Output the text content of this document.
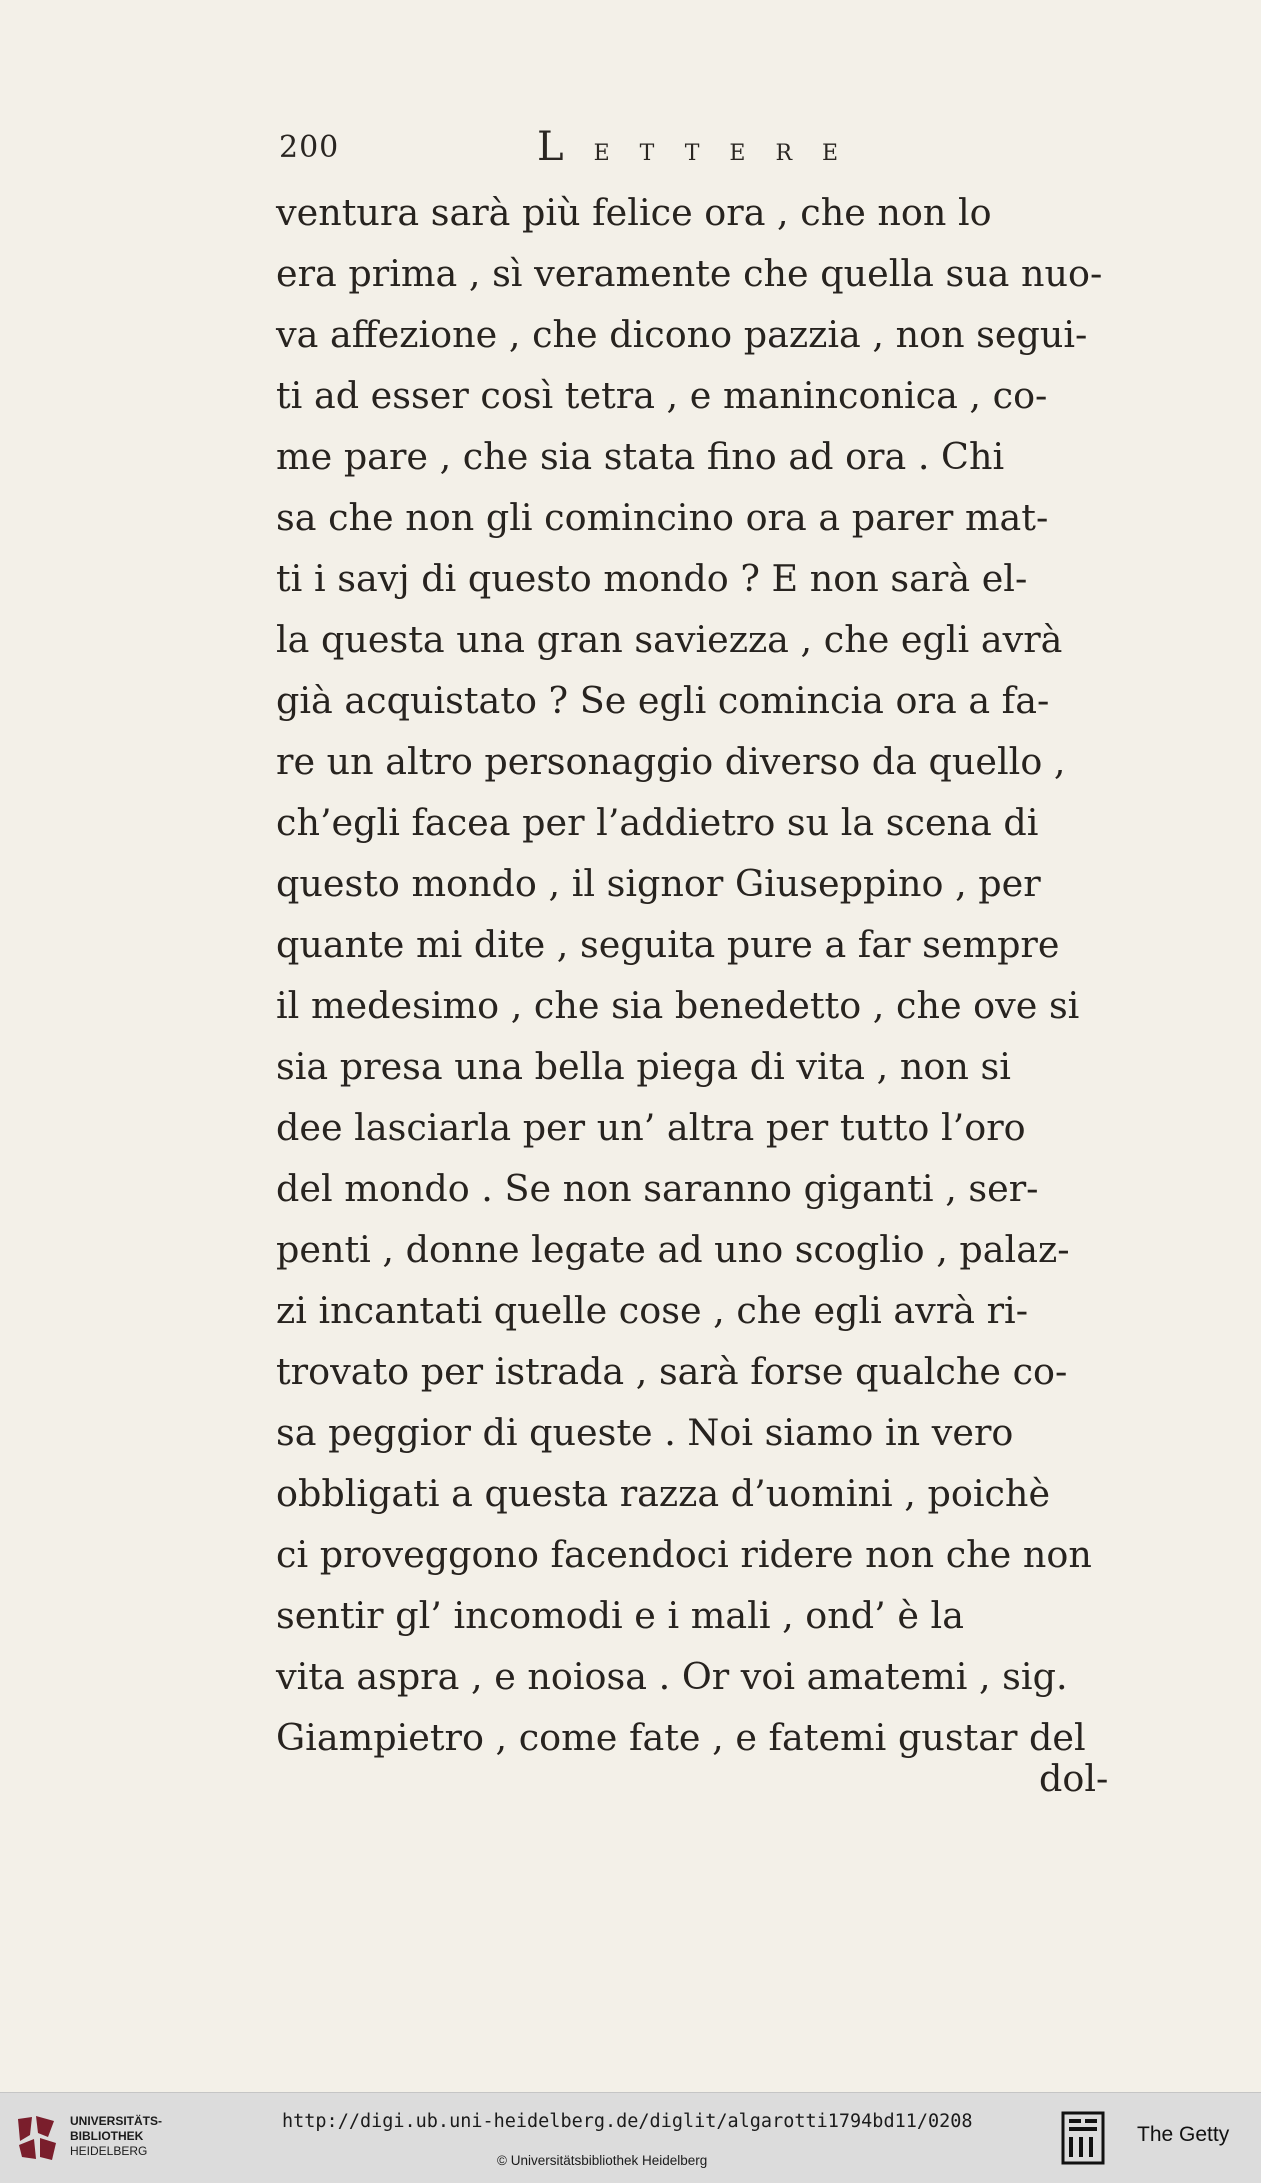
200	LETTERE
ventura sarà più felice ora , che non lo
era prima , sì veramente che quella sua nuo-
va affezione , che dicono pazzia , non segui-
ti ad esser così tetra , e maninconica , co-
me pare , che sia stata fino ad ora . Chi
sa che non gli comincino ora a parer mat-
ti i savj di questo mondo ? E non sarà el-
la questa una gran saviezza , che egli avrà
già acquistato ? Se egli comincia ora a fa-
re un altro personaggio diverso da quello ,
ch’egli facea per l’addietro su la scena di
questo mondo , il signor Giuseppino , per
quante mi dite , seguita pure a far sempre
il medesimo , che sia benedetto , che ove si
sia presa una bella piega di vita , non si
dee lasciarla per un’ altra per tutto l’oro
del mondo . Se non saranno giganti , ser-
penti , donne legate ad uno scoglio , palaz-
zi incantati quelle cose , che egli avrà ri-
trovato per istrada , sarà forse qualche co-
sa peggior di queste . Noi siamo in vero
obbligati a questa razza d’uomini , poichè
ci proveggono facendoci ridere non che non
sentir gl’ incomodi e i mali , ond’ è la
vita aspra , e noiosa . Or voi amatemi , sig.
Giampietro , come fate , e fatemi gustar del
dol-
UNIVERSITÄTS-
BIBLIOTHEK
HEIDELBERG
http://digi.ub.uni-heidelberg.de/diglit/algarotti1794bd11/0208
© Universitätsbibliothek Heidelberg
The Getty
